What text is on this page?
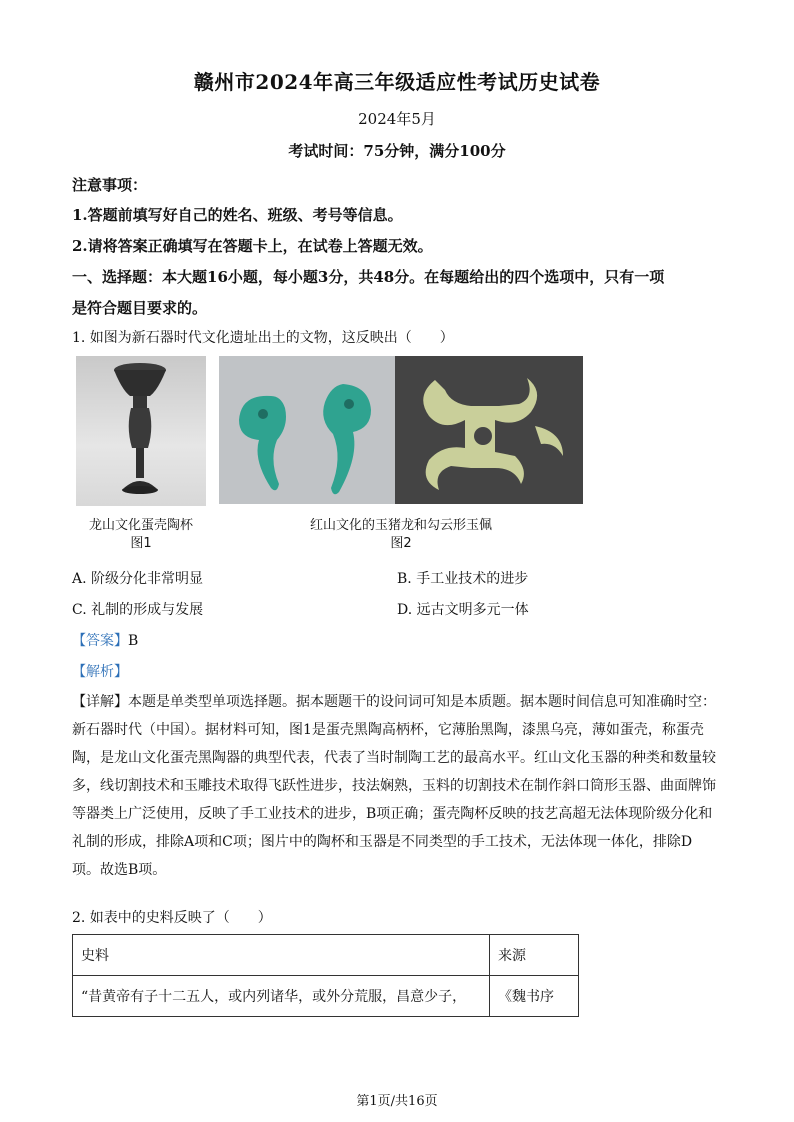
赣州市2024年高三年级适应性考试历史试卷
2024年5月
考试时间：75分钟，满分100分
注意事项：
1.答题前填写好自己的姓名、班级、考号等信息。
2.请将答案正确填写在答题卡上，在试卷上答题无效。
一、选择题：本大题16小题，每小题3分，共48分。在每题给出的四个选项中，只有一项
是符合题目要求的。
1. 如图为新石器时代文化遗址出土的文物，这反映出（　　）
龙山文化蛋壳陶杯
图1
红山文化的玉猪龙和勾云形玉佩
图2
A. 阶级分化非常明显	B. 手工业技术的进步
C. 礼制的形成与发展	D. 远古文明多元一体
【答案】B
【解析】
【详解】本题是单类型单项选择题。据本题题干的设问词可知是本质题。据本题时间信息可知准确时空：
新石器时代（中国）。据材料可知，图1是蛋壳黑陶高柄杯，它薄胎黑陶，漆黑乌亮，薄如蛋壳，称蛋壳
陶，是龙山文化蛋壳黑陶器的典型代表，代表了当时制陶工艺的最高水平。红山文化玉器的种类和数量较
多，线切割技术和玉雕技术取得飞跃性进步，技法娴熟，玉料的切割技术在制作斜口筒形玉器、曲面牌饰
等器类上广泛使用，反映了手工业技术的进步，B项正确；蛋壳陶杯反映的技艺高超无法体现阶级分化和
礼制的形成，排除A项和C项；图片中的陶杯和玉器是不同类型的手工技术，无法体现一体化，排除D
项。故选B项。
2. 如表中的史料反映了（　　）
史料	来源
“昔黄帝有子十二五人，或内列诸华，或外分荒服，昌意少子，	《魏书序
第1页/共16页
